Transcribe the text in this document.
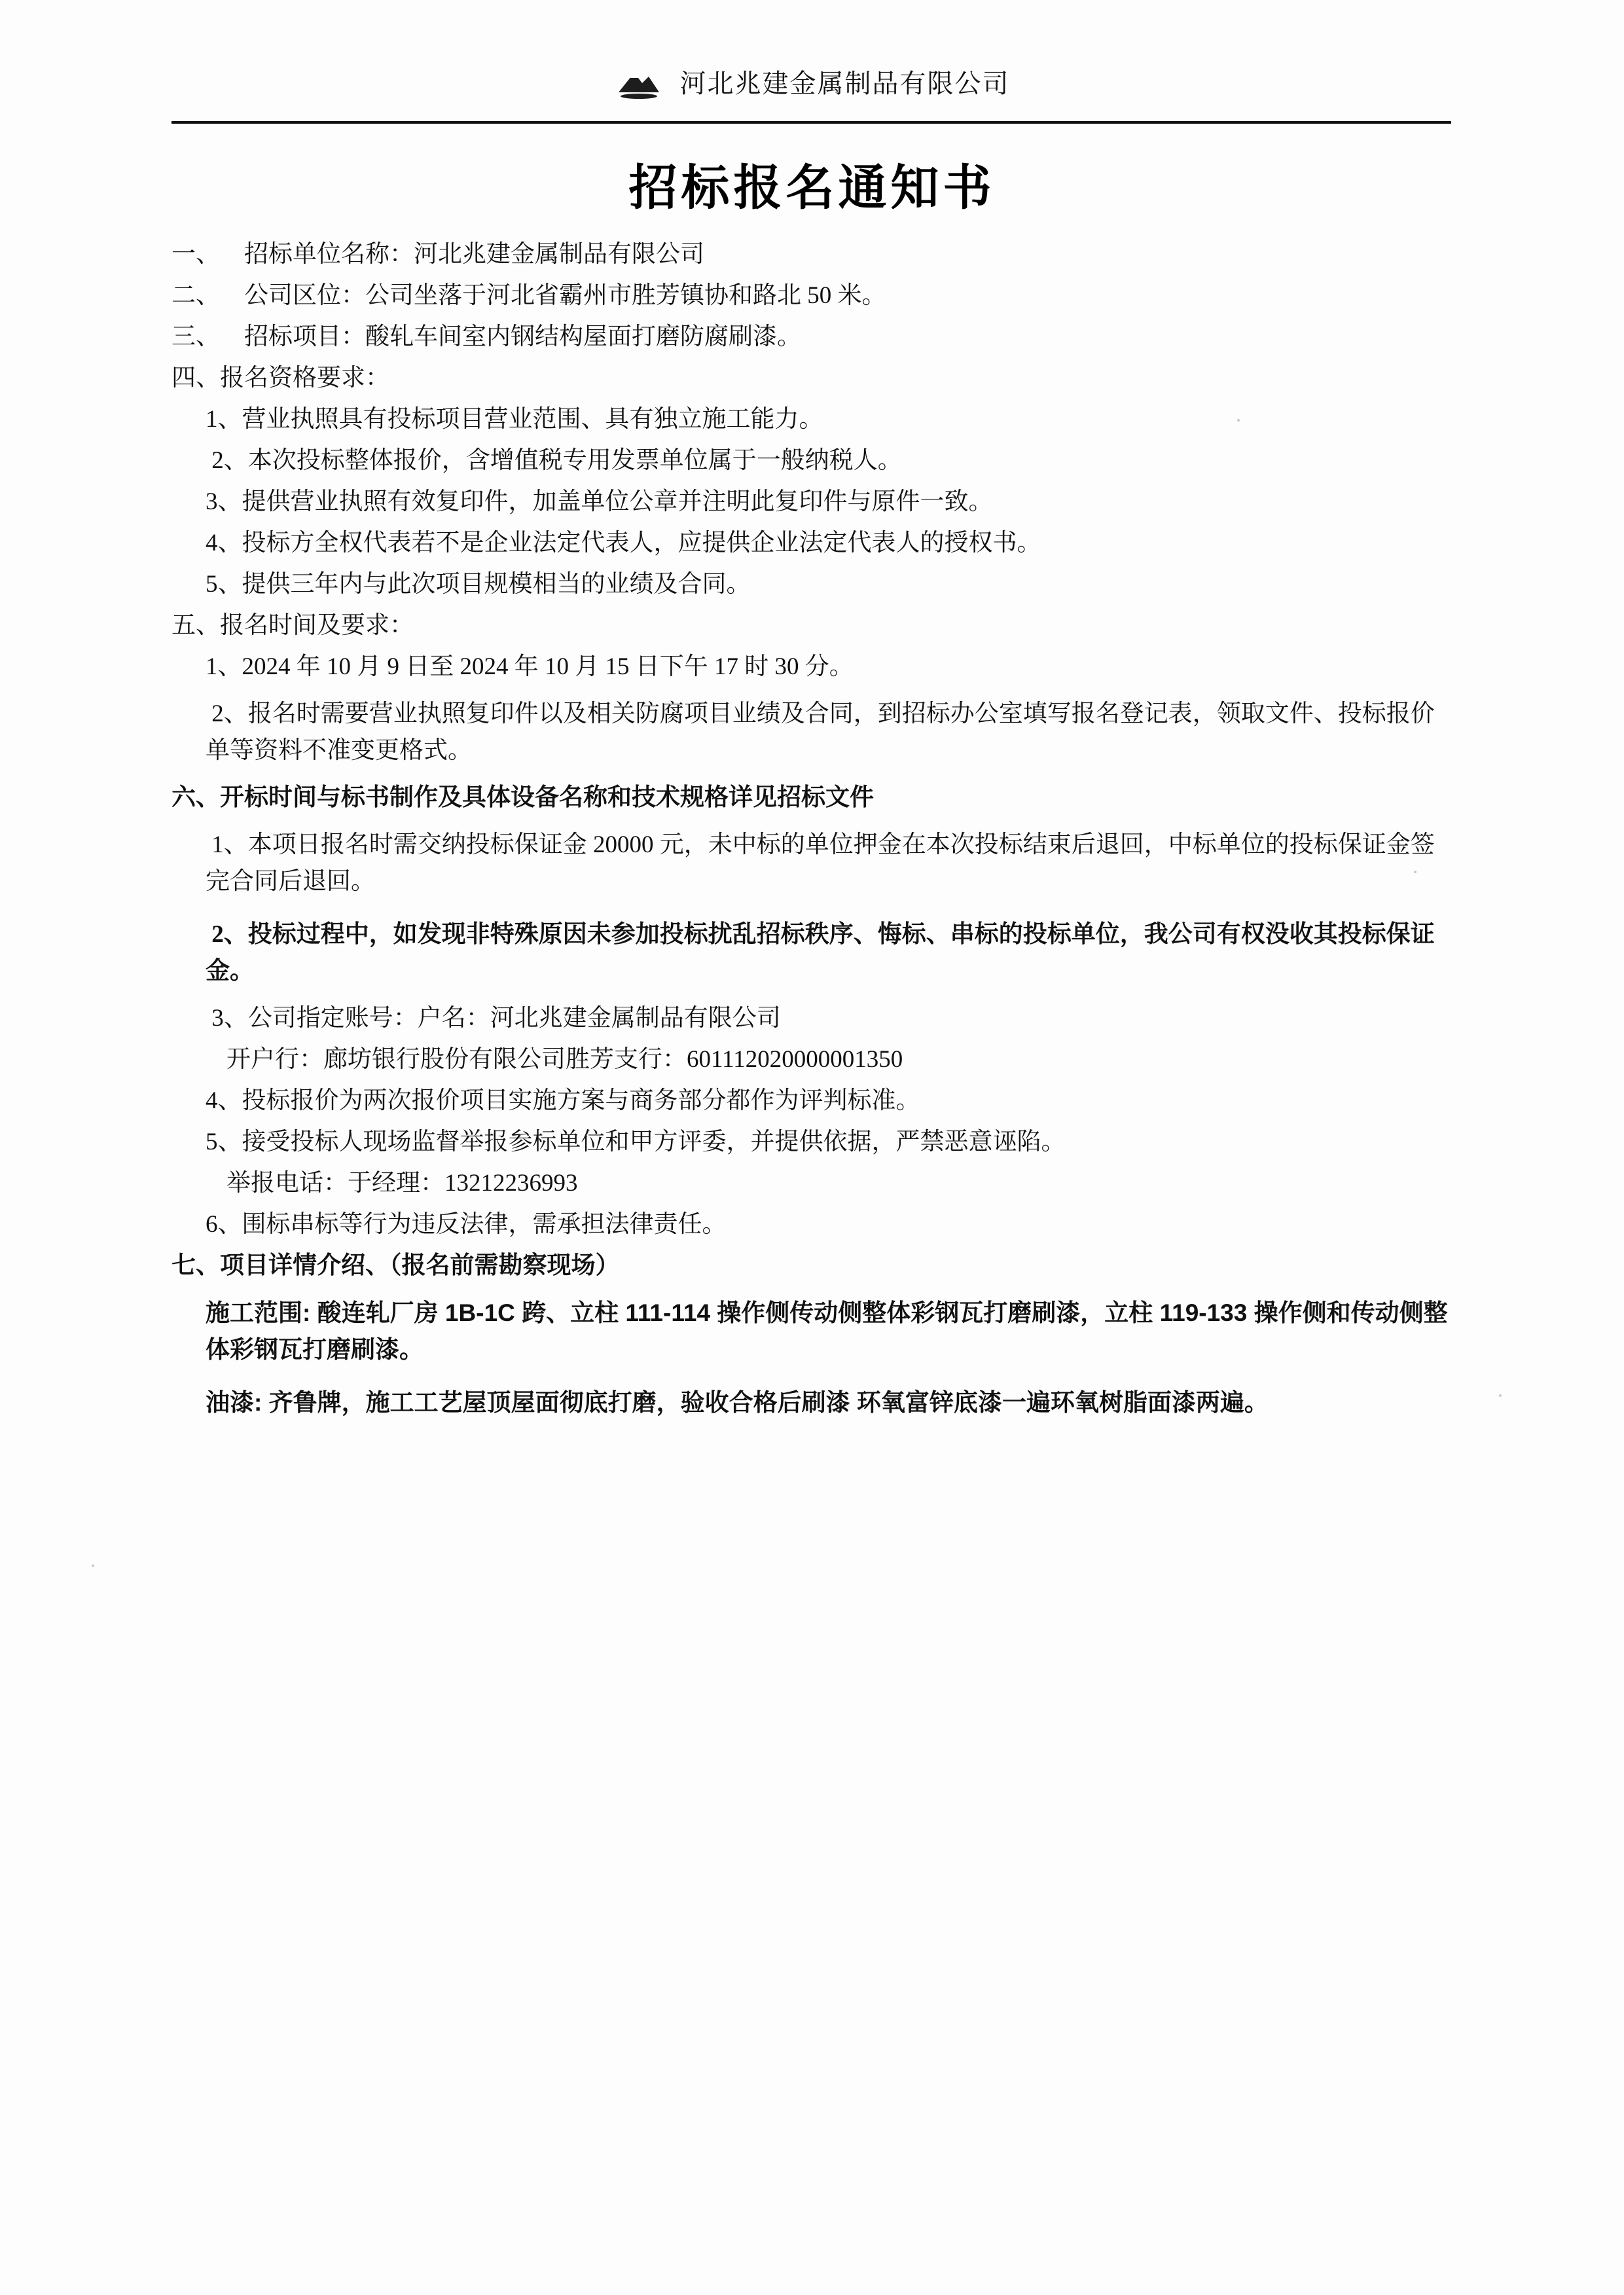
河北兆建金属制品有限公司
招标报名通知书

一、    招标单位名称：河北兆建金属制品有限公司

二、    公司区位：公司坐落于河北省霸州市胜芳镇协和路北 50 米。

三、    招标项目：酸轧车间室内钢结构屋面打磨防腐刷漆。

四、报名资格要求：

1、营业执照具有投标项目营业范围、具有独立施工能力。

2、本次投标整体报价，含增值税专用发票单位属于一般纳税人。

3、提供营业执照有效复印件，加盖单位公章并注明此复印件与原件一致。

4、投标方全权代表若不是企业法定代表人，应提供企业法定代表人的授权书。

5、提供三年内与此次项目规模相当的业绩及合同。

五、报名时间及要求：

1、2024 年 10 月 9 日至 2024 年 10 月 15 日下午 17 时 30 分。

2、报名时需要营业执照复印件以及相关防腐项目业绩及合同，到招标办公室填写报名登记表，领取文件、投标报价单等资料不准变更格式。

六、开标时间与标书制作及具体设备名称和技术规格详见招标文件

1、本项日报名时需交纳投标保证金 20000 元，未中标的单位押金在本次投标结束后退回，中标单位的投标保证金签完合同后退回。

2、投标过程中，如发现非特殊原因未参加投标扰乱招标秩序、悔标、串标的投标单位，我公司有权没收其投标保证金。

3、公司指定账号：户名：河北兆建金属制品有限公司

开户行：廊坊银行股份有限公司胜芳支行：601112020000001350

4、投标报价为两次报价项目实施方案与商务部分都作为评判标准。

5、接受投标人现场监督举报参标单位和甲方评委，并提供依据，严禁恶意诬陷。

举报电话：于经理：13212236993

6、围标串标等行为违反法律，需承担法律责任。

七、项目详情介绍、（报名前需勘察现场）

施工范围: 酸连轧厂房 1B-1C 跨、立柱 111-114 操作侧传动侧整体彩钢瓦打磨刷漆，立柱 119-133 操作侧和传动侧整体彩钢瓦打磨刷漆。

油漆: 齐鲁牌，施工工艺屋顶屋面彻底打磨，验收合格后刷漆 环氧富锌底漆一遍环氧树脂面漆两遍。
